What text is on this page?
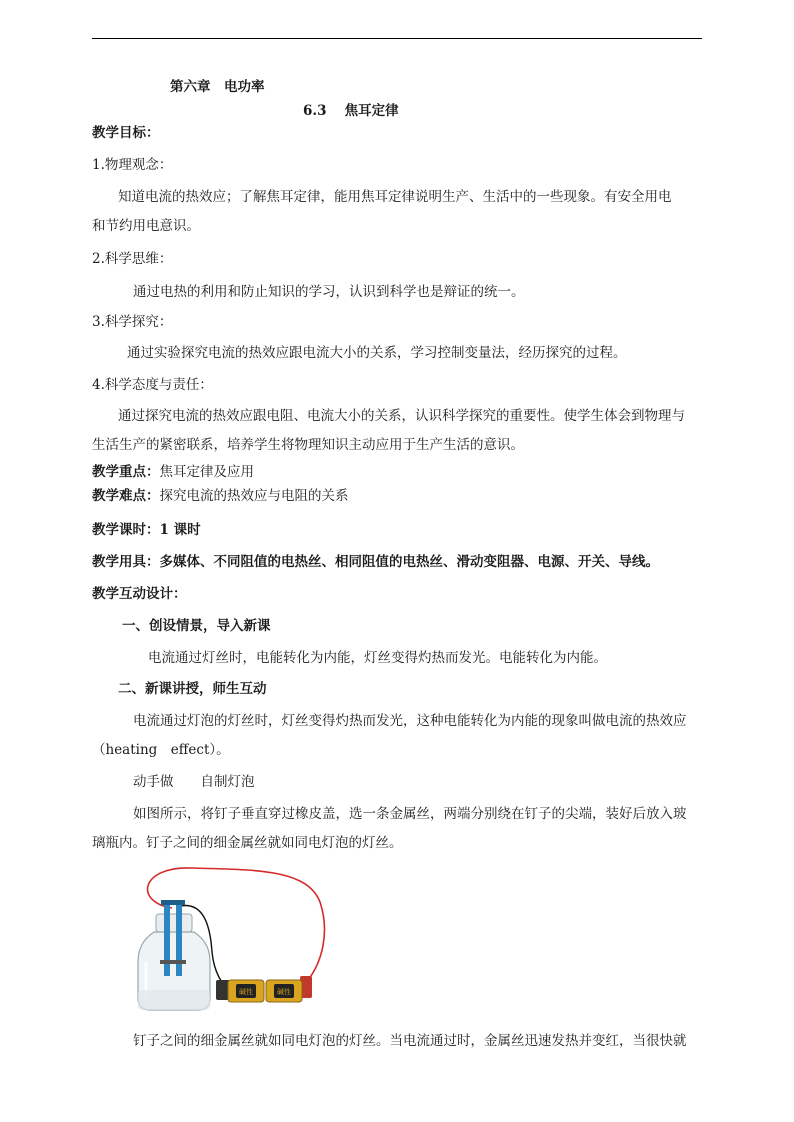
第六章　电功率
6.3　 焦耳定律
教学目标：
1.物理观念：
知道电流的热效应；了解焦耳定律，能用焦耳定律说明生产、生活中的一些现象。有安全用电
和节约用电意识。
2.科学思维：
通过电热的利用和防止知识的学习，认识到科学也是辩证的统一。
3.科学探究：
通过实验探究电流的热效应跟电流大小的关系，学习控制变量法，经历探究的过程。
4.科学态度与责任：
通过探究电流的热效应跟电阻、电流大小的关系，认识科学探究的重要性。使学生体会到物理与
生活生产的紧密联系，培养学生将物理知识主动应用于生产生活的意识。
教学重点：焦耳定律及应用
教学难点：探究电流的热效应与电阻的关系
教学课时：1 课时
教学用具：多媒体、不同阻值的电热丝、相同阻值的电热丝、滑动变阻器、电源、开关、导线。
教学互动设计：
一、创设情景，导入新课
电流通过灯丝时，电能转化为内能，灯丝变得灼热而发光。电能转化为内能。
二、新课讲授，师生互动
电流通过灯泡的灯丝时，灯丝变得灼热而发光，这种电能转化为内能的现象叫做电流的热效应
（heating　effect）。
动手做　　自制灯泡
如图所示，将钉子垂直穿过橡皮盖，选一条金属丝，两端分别绕在钉子的尖端，装好后放入玻
璃瓶内。钉子之间的细金属丝就如同电灯泡的灯丝。
碱性	碱性
钉子之间的细金属丝就如同电灯泡的灯丝。当电流通过时，金属丝迅速发热并变红，当很快就
